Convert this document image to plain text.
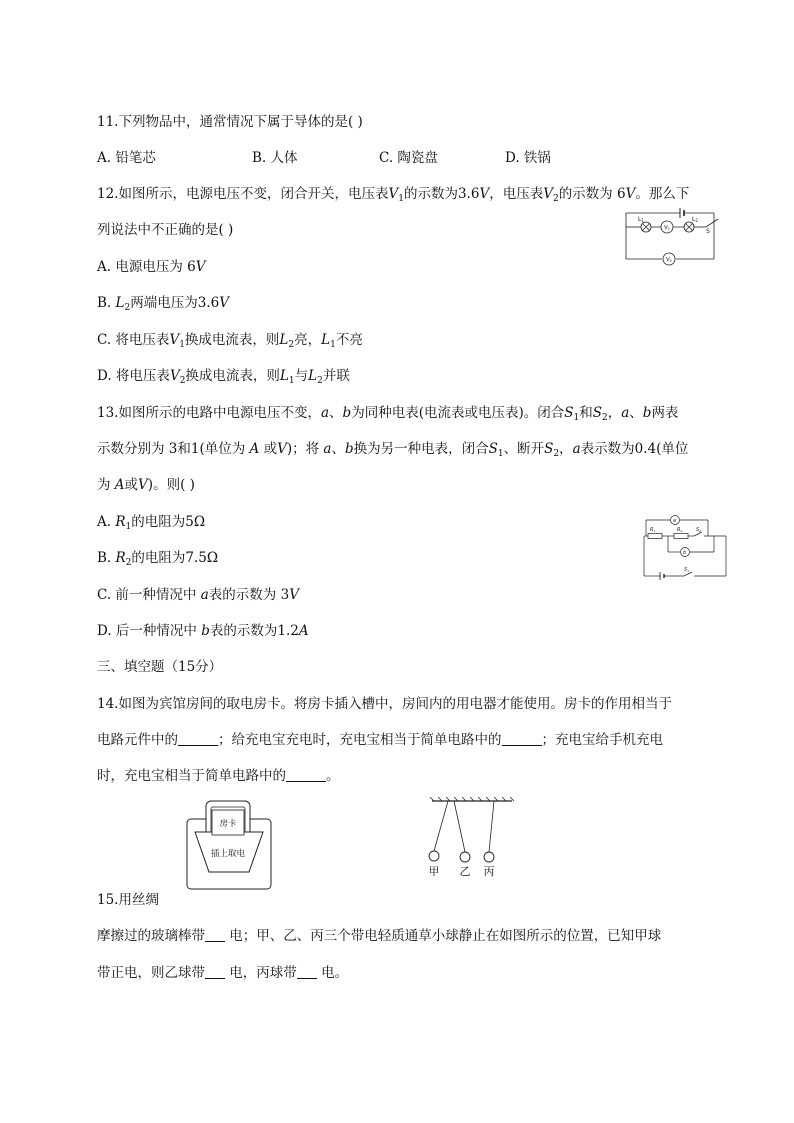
11.下列物品中，通常情况下属于导体的是( )
A. 铅笔芯	B. 人体	C. 陶瓷盘	D. 铁锅
12.如图所示，电源电压不变，闭合开关，电压表$V_1$的示数为3.6V，电压表$V_2$的示数为 6V。那么下
列说法中不正确的是( )
A. 电源电压为 6V
B. $L_2$两端电压为3.6V
C. 将电压表$V_1$换成电流表，则$L_2$亮，$L_1$不亮
D. 将电压表$V_2$换成电流表，则$L_1$与$L_2$并联
L1	L2
S
V1
V2
13.如图所示的电路中电源电压不变，a、b为同种电表(电流表或电压表)。闭合$S_1$和$S_2$，a、b两表
示数分别为 3和1(单位为 A 或V)；将 a、b换为另一种电表，闭合$S_1$、断开$S_2$，a表示数为0.4(单位
为 A或V)。则( )
A. $R_1$的电阻为5Ω
B. $R_2$的电阻为7.5Ω
C. 前一种情况中 a表的示数为 3V
D. 后一种情况中 b表的示数为1.2A
a
b
$R_1$	$R_2$	$S_2$
$S_1$
三、填空题（15分）
14.如图为宾馆房间的取电房卡。将房卡插入槽中，房间内的用电器才能使用。房卡的作用相当于
电路元件中的	；给充电宝充电时，充电宝相当于简单电路中的	；充电宝给手机充电
时，充电宝相当于简单电路中的	。
房卡
插上取电
甲 乙 丙
15.用丝绸
摩擦过的玻璃棒带 电；甲、乙、丙三个带电轻质通草小球静止在如图所示的位置，已知甲球
带正电，则乙球带 电，丙球带 电。
